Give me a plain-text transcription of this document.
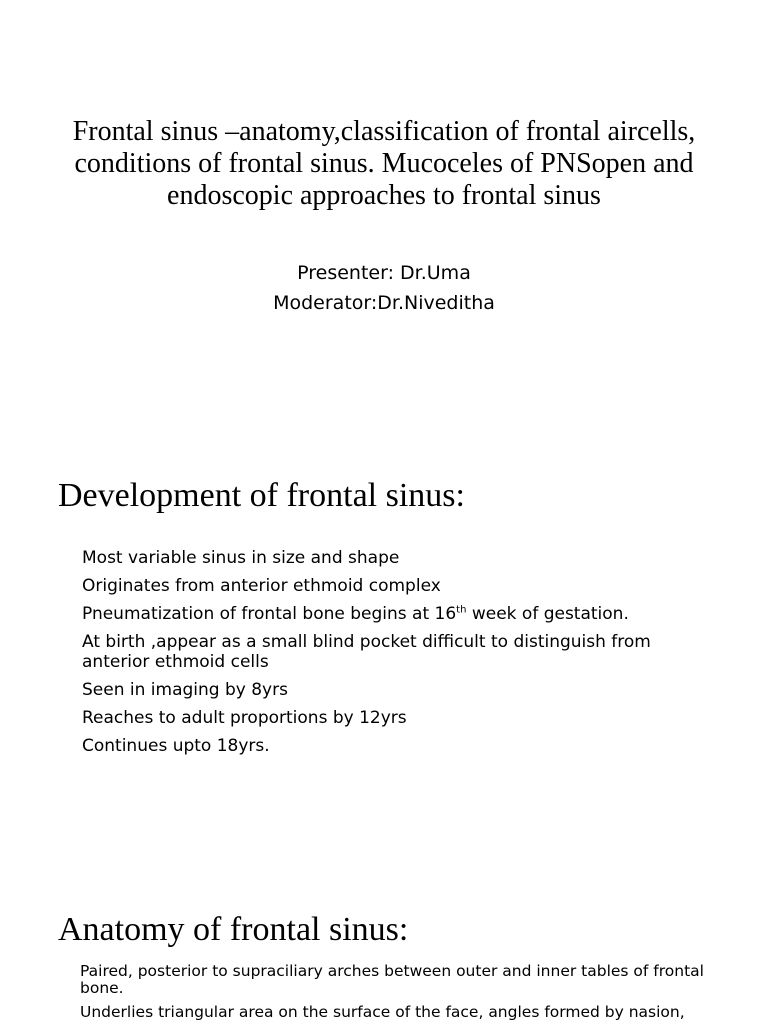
Frontal sinus –anatomy,classification of frontal aircells, conditions of frontal sinus. Mucoceles of PNSopen and endoscopic approaches to frontal sinus
Presenter: Dr.Uma
Moderator:Dr.Niveditha
Development of frontal sinus:
Most variable sinus in size and shape
Originates from anterior ethmoid complex
Pneumatization of frontal bone begins at 16th week of gestation.
At birth ,appear as a small blind pocket difficult to distinguish from anterior ethmoid cells
Seen in imaging by 8yrs
Reaches to adult proportions by 12yrs
Continues upto 18yrs.
Anatomy of frontal sinus:
Paired, posterior to supraciliary arches between outer and inner tables of frontal bone.
Underlies triangular area on the surface of the face, angles formed by nasion,
